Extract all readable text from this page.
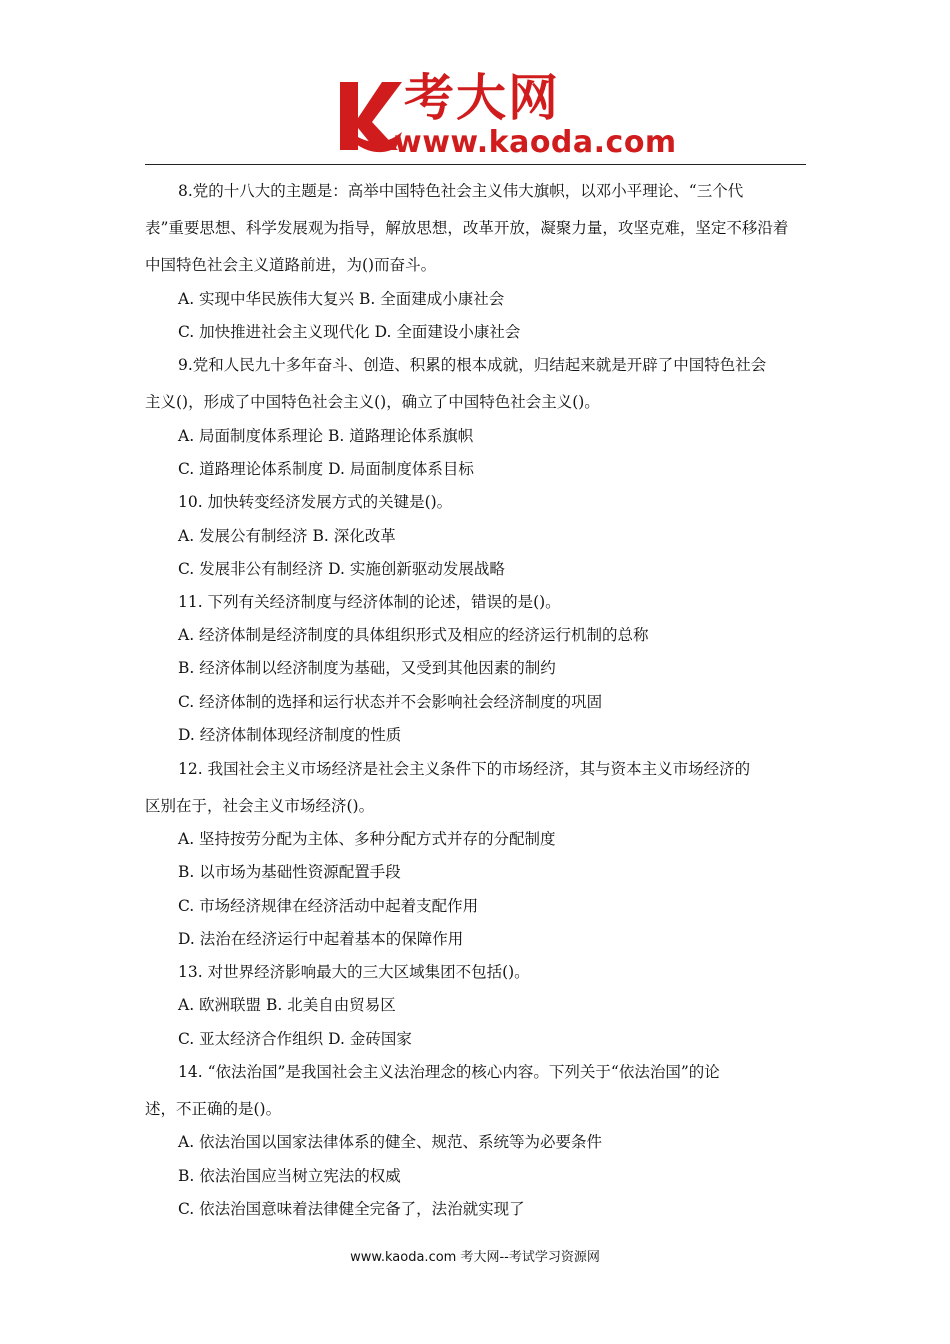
考大网
www.kaoda.com
8.党的十八大的主题是：高举中国特色社会主义伟大旗帜，以邓小平理论、“三个代
表”重要思想、科学发展观为指导，解放思想，改革开放，凝聚力量，攻坚克难，坚定不移沿着
中国特色社会主义道路前进，为()而奋斗。
A. 实现中华民族伟大复兴 B. 全面建成小康社会
C. 加快推进社会主义现代化 D. 全面建设小康社会
9.党和人民九十多年奋斗、创造、积累的根本成就，归结起来就是开辟了中国特色社会
主义()，形成了中国特色社会主义()，确立了中国特色社会主义()。
A. 局面制度体系理论 B. 道路理论体系旗帜
C. 道路理论体系制度 D. 局面制度体系目标
10. 加快转变经济发展方式的关键是()。
A. 发展公有制经济 B. 深化改革
C. 发展非公有制经济 D. 实施创新驱动发展战略
11. 下列有关经济制度与经济体制的论述，错误的是()。
A. 经济体制是经济制度的具体组织形式及相应的经济运行机制的总称
B. 经济体制以经济制度为基础，又受到其他因素的制约
C. 经济体制的选择和运行状态并不会影响社会经济制度的巩固
D. 经济体制体现经济制度的性质
12. 我国社会主义市场经济是社会主义条件下的市场经济，其与资本主义市场经济的
区别在于，社会主义市场经济()。
A. 坚持按劳分配为主体、多种分配方式并存的分配制度
B. 以市场为基础性资源配置手段
C. 市场经济规律在经济活动中起着支配作用
D. 法治在经济运行中起着基本的保障作用
13. 对世界经济影响最大的三大区域集团不包括()。
A. 欧洲联盟 B. 北美自由贸易区
C. 亚太经济合作组织 D. 金砖国家
14. “依法治国”是我国社会主义法治理念的核心内容。下列关于“依法治国”的论
述，不正确的是()。
A. 依法治国以国家法律体系的健全、规范、系统等为必要条件
B. 依法治国应当树立宪法的权威
C. 依法治国意味着法律健全完备了，法治就实现了
www.kaoda.com 考大网--考试学习资源网
